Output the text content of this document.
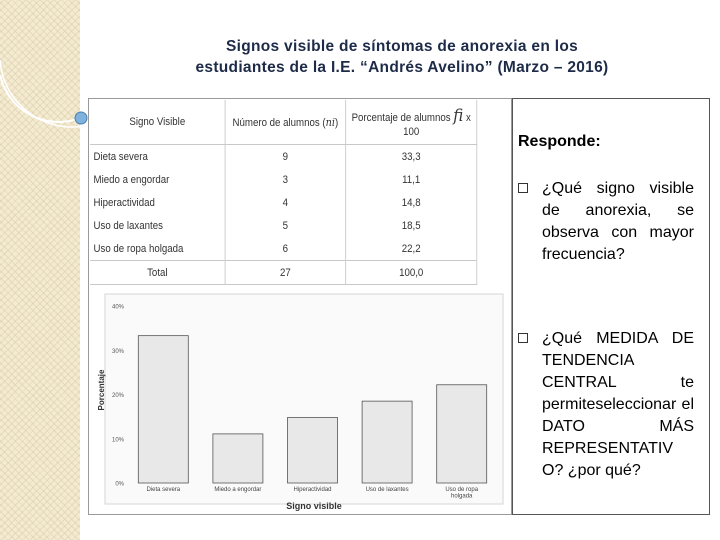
Signos visible de síntomas de anorexia en los
estudiantes de la I.E. “Andrés Avelino” (Marzo – 2016)
Signo Visible	Número de alumnos (ni)	Porcentaje de alumnos fi x 100
Dieta severa	9	33,3
Miedo a engordar	3	11,1
Hiperactividad	4	14,8
Uso de laxantes	5	18,5
Uso de ropa holgada	6	22,2
Total	27	100,0
0%
10%
20%
30%
40%
Dieta severa	Miedo a engordar	Hiperactividad	Uso de laxantes	Uso de ropa holgada
Porcentaje
Signo visible
Responde:
¿Qué signo visible de anorexia, se observa con mayor frecuencia?
¿Qué MEDIDA DE TENDENCIA CENTRAL te permiteseleccionar el DATO MÁS REPRESENTATIV O? ¿por qué?
